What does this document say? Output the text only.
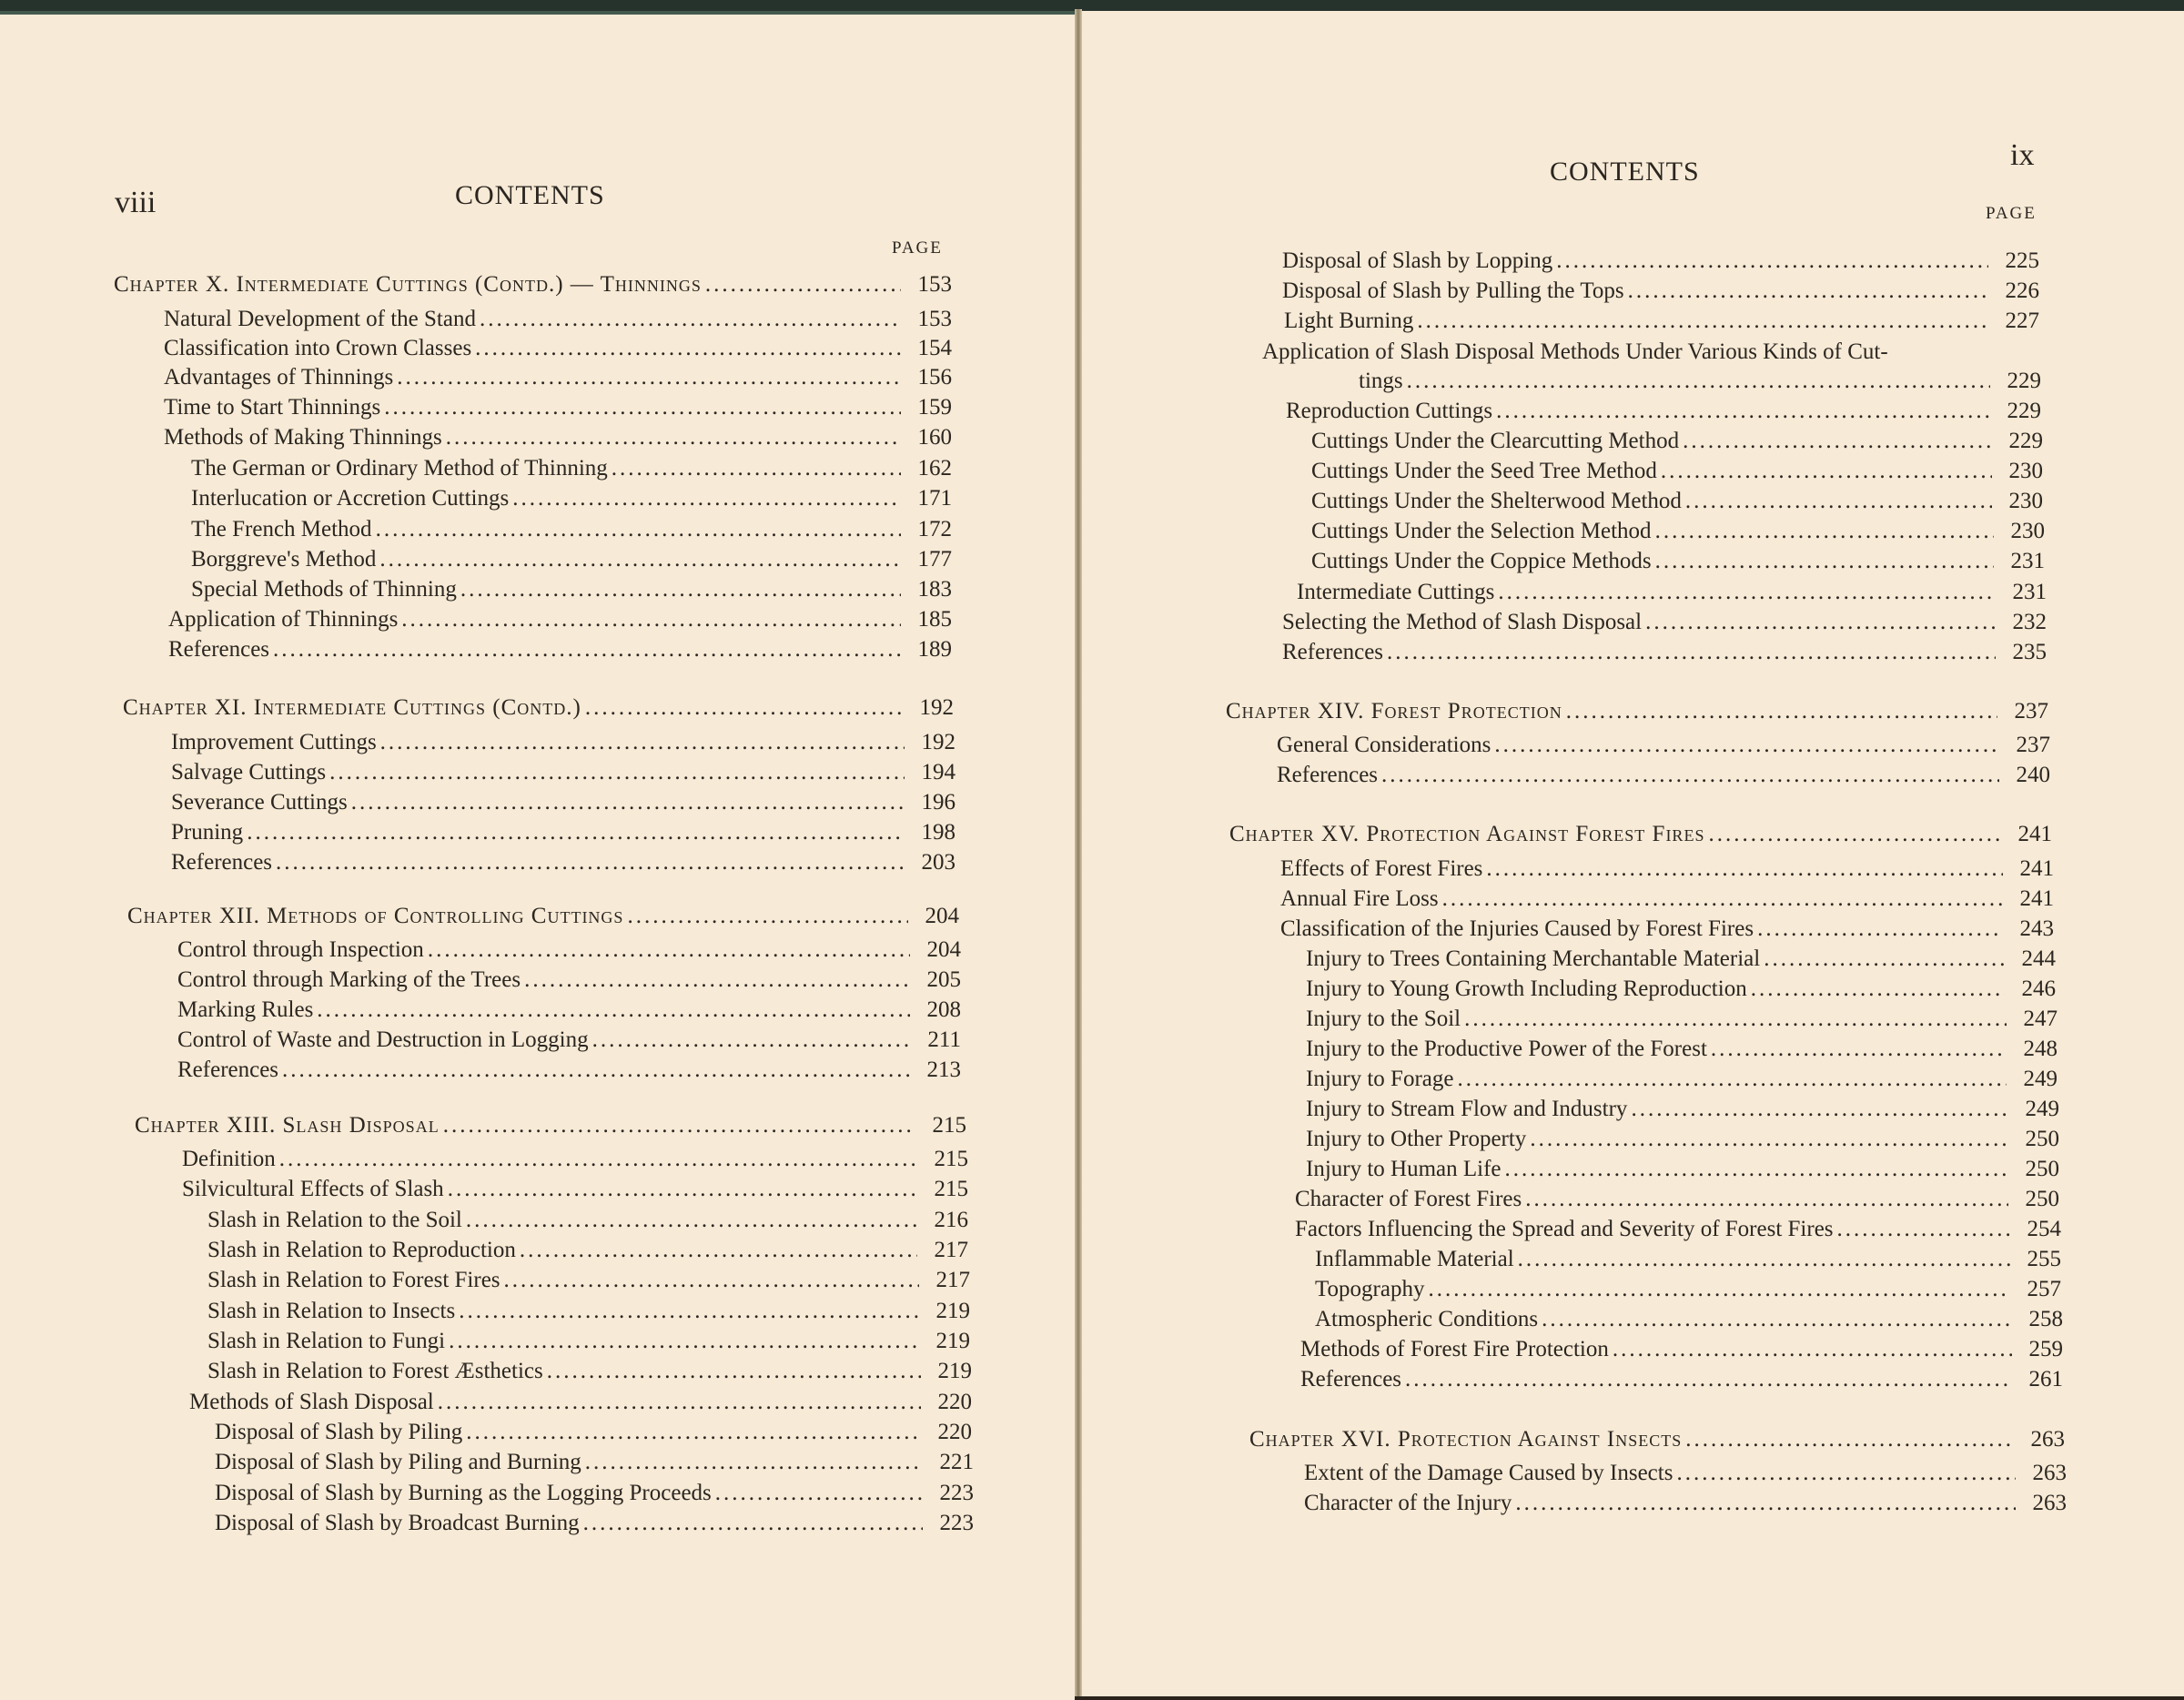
viii	CONTENTS
PAGE
Chapter X. Intermediate Cuttings (Contd.) — Thinnings .....	153
Natural Development of the Stand .....	153
Classification into Crown Classes .....	154
Advantages of Thinnings .....	156
Time to Start Thinnings .....	159
Methods of Making Thinnings .....	160
The German or Ordinary Method of Thinning .....	162
Interlucation or Accretion Cuttings .....	171
The French Method .....	172
Borggreve's Method .....	177
Special Methods of Thinning .....	183
Application of Thinnings .....	185
References .....	189
Chapter XI. Intermediate Cuttings (Contd.) .....	192
Improvement Cuttings .....	192
Salvage Cuttings .....	194
Severance Cuttings .....	196
Pruning .....	198
References .....	203
Chapter XII. Methods of Controlling Cuttings .....	204
Control through Inspection .....	204
Control through Marking of the Trees .....	205
Marking Rules .....	208
Control of Waste and Destruction in Logging .....	211
References .....	213
Chapter XIII. Slash Disposal .....	215
Definition .....	215
Silvicultural Effects of Slash .....	215
Slash in Relation to the Soil .....	216
Slash in Relation to Reproduction .....	217
Slash in Relation to Forest Fires .....	217
Slash in Relation to Insects .....	219
Slash in Relation to Fungi .....	219
Slash in Relation to Forest Æsthetics .....	219
Methods of Slash Disposal .....	220
Disposal of Slash by Piling .....	220
Disposal of Slash by Piling and Burning .....	221
Disposal of Slash by Burning as the Logging Proceeds .....	223
Disposal of Slash by Broadcast Burning .....	223
CONTENTS	ix
PAGE
Disposal of Slash by Lopping .....	225
Disposal of Slash by Pulling the Tops .....	226
Light Burning .....	227
Application of Slash Disposal Methods Under Various Kinds of Cut-
tings .....	229
Reproduction Cuttings .....	229
Cuttings Under the Clearcutting Method .....	229
Cuttings Under the Seed Tree Method .....	230
Cuttings Under the Shelterwood Method .....	230
Cuttings Under the Selection Method .....	230
Cuttings Under the Coppice Methods .....	231
Intermediate Cuttings .....	231
Selecting the Method of Slash Disposal .....	232
References .....	235
Chapter XIV. Forest Protection .....	237
General Considerations .....	237
References .....	240
Chapter XV. Protection Against Forest Fires .....	241
Effects of Forest Fires .....	241
Annual Fire Loss .....	241
Classification of the Injuries Caused by Forest Fires .....	243
Injury to Trees Containing Merchantable Material .....	244
Injury to Young Growth Including Reproduction .....	246
Injury to the Soil .....	247
Injury to the Productive Power of the Forest .....	248
Injury to Forage .....	249
Injury to Stream Flow and Industry .....	249
Injury to Other Property .....	250
Injury to Human Life .....	250
Character of Forest Fires .....	250
Factors Influencing the Spread and Severity of Forest Fires .....	254
Inflammable Material .....	255
Topography .....	257
Atmospheric Conditions .....	258
Methods of Forest Fire Protection .....	259
References .....	261
Chapter XVI. Protection Against Insects .....	263
Extent of the Damage Caused by Insects .....	263
Character of the Injury .....	263
